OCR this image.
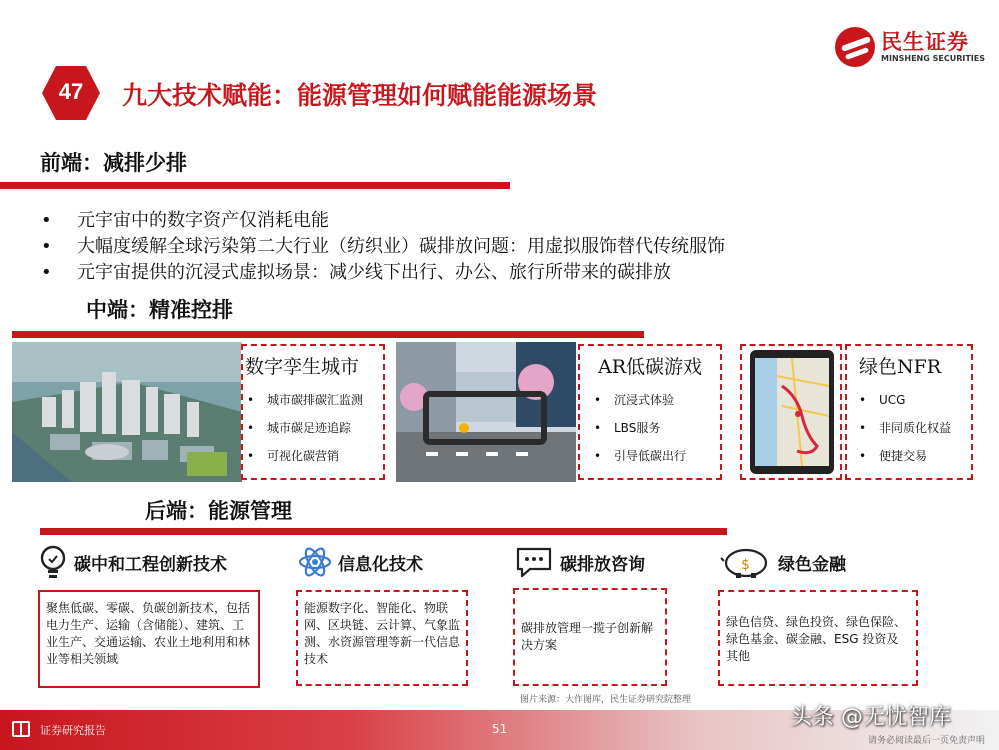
民生证券
MINSHENG SECURITIES
47	九大技术赋能：能源管理如何赋能能源场景
前端：减排少排
• 元宇宙中的数字资产仅消耗电能
• 大幅度缓解全球污染第二大行业（纺织业）碳排放问题：用虚拟服饰替代传统服饰
• 元宇宙提供的沉浸式虚拟场景：减少线下出行、办公、旅行所带来的碳排放
中端：精准控排
数字孪生城市
• 城市碳排碳汇监测
• 城市碳足迹追踪
• 可视化碳营销
AR低碳游戏
• 沉浸式体验
• LBS服务
• 引导低碳出行
绿色NFR
• UCG
• 非同质化权益
• 便捷交易
后端：能源管理
碳中和工程创新技术
聚焦低碳、零碳、负碳创新技术，包括电力生产、运输（含储能）、建筑、工业生产、交通运输、农业土地利用和林业等相关领域
信息化技术
能源数字化、智能化、物联网、区块链、云计算、气象监测、水资源管理等新一代信息技术
碳排放咨询
碳排放管理一揽子创新解决方案
$ 绿色金融
绿色信贷、绿色投资、绿色保险、绿色基金、碳金融、ESG 投资及其他
图片来源：大作图库，民生证券研究院整理
证券研究报告	51
请务必阅读最后一页免责声明
头条 @无忧智库
